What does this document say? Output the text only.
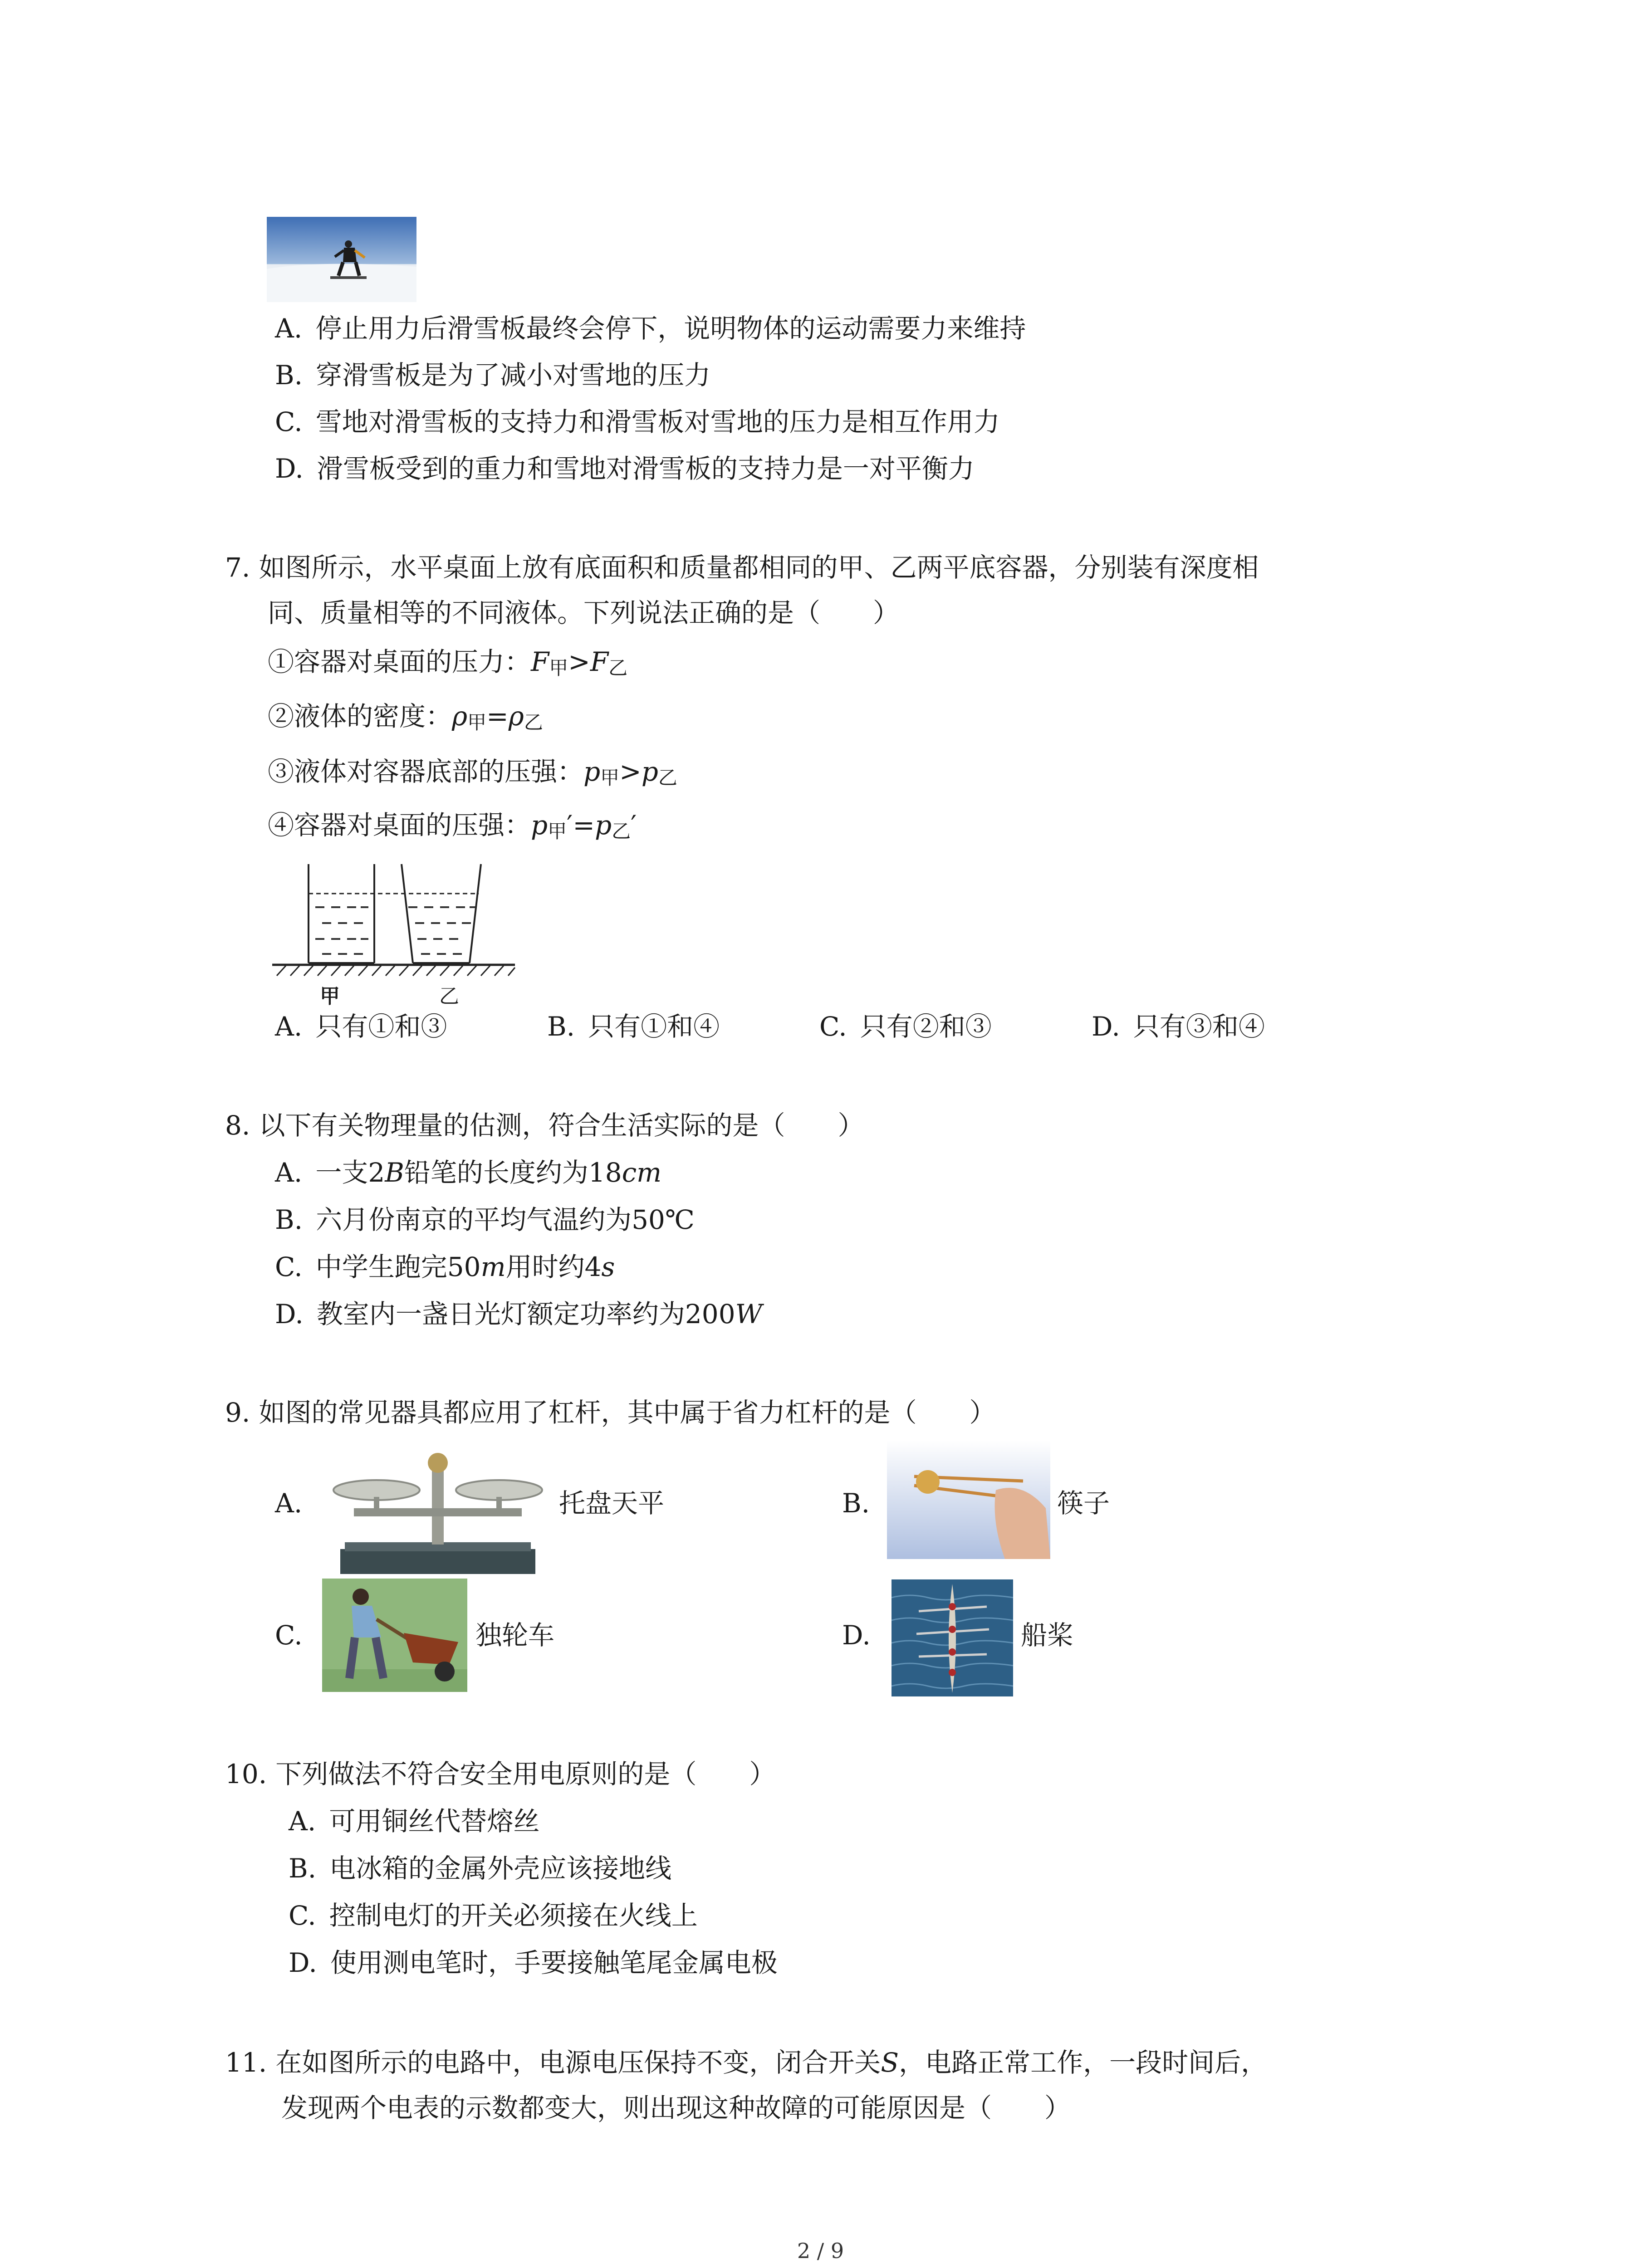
A.  停止用力后滑雪板最终会停下，说明物体的运动需要力来维持
B.  穿滑雪板是为了减小对雪地的压力
C.  雪地对滑雪板的支持力和滑雪板对雪地的压力是相互作用力
D.  滑雪板受到的重力和雪地对滑雪板的支持力是一对平衡力
7.  如图所示，水平桌面上放有底面积和质量都相同的甲、乙两平底容器，分别装有深度相
同、质量相等的不同液体。下列说法正确的是（　　）
①容器对桌面的压力：F甲>F乙
②液体的密度：ρ甲=ρ乙
③液体对容器底部的压强：p甲>p乙
④容器对桌面的压强：p甲′=p乙′
甲	乙
A.  只有①和③	B.  只有①和④	C.  只有②和③	D.  只有③和④
8.  以下有关物理量的估测，符合生活实际的是（　　）
A.  一支2B铅笔的长度约为18cm
B.  六月份南京的平均气温约为50℃
C.  中学生跑完50m用时约4s
D.  教室内一盏日光灯额定功率约为200W
9.  如图的常见器具都应用了杠杆，其中属于省力杠杆的是（　　）
A.	托盘天平	B.	筷子
C.	独轮车	D.	船桨
10.  下列做法不符合安全用电原则的是（　　）
A.  可用铜丝代替熔丝
B.  电冰箱的金属外壳应该接地线
C.  控制电灯的开关必须接在火线上
D.  使用测电笔时，手要接触笔尾金属电极
11.  在如图所示的电路中，电源电压保持不变，闭合开关S，电路正常工作，一段时间后，
发现两个电表的示数都变大，则出现这种故障的可能原因是（　　）
2 / 9
